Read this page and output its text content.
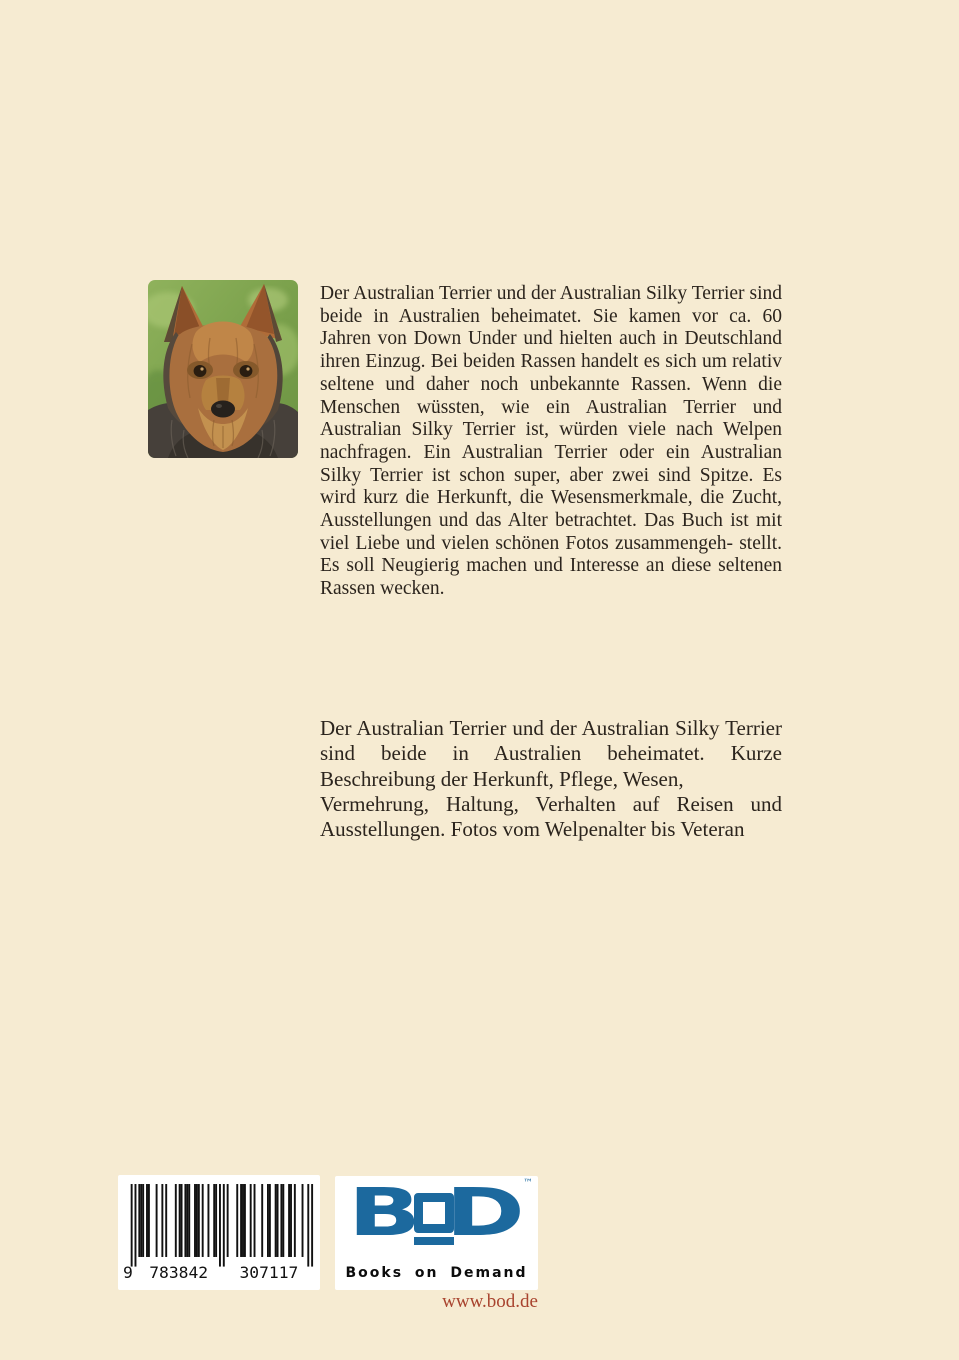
Der Australian Terrier und der Australian Silky Terrier sind beide in Australien beheimatet. Sie kamen vor ca. 60 Jahren von Down Under und hielten auch in Deutschland ihren Einzug. Bei beiden Rassen handelt es sich um relativ seltene und daher noch unbekannte Rassen. Wenn die Menschen wüssten, wie ein Australian Terrier und Australian Silky Terrier ist, würden viele nach Welpen nachfragen. Ein Australian Terrier oder ein Australian Silky Terrier ist schon super, aber zwei sind Spitze. Es wird kurz die Herkunft, die Wesensmerkmale, die Zucht, Ausstellungen und das Alter betrachtet. Das Buch ist mit viel Liebe und vielen schönen Fotos zusammengeh- stellt. Es soll Neugierig machen und Interesse an diese seltenen Rassen wecken.
Der Australian Terrier und der Australian Silky Terrier sind beide in Australien beheimatet. Kurze Beschreibung der Herkunft, Pflege, Wesen,
Vermehrung, Haltung, Verhalten auf Reisen und Ausstellungen. Fotos vom Welpenalter bis Veteran
9 783842 307117
B D
™
Books on Demand
www.bod.de
